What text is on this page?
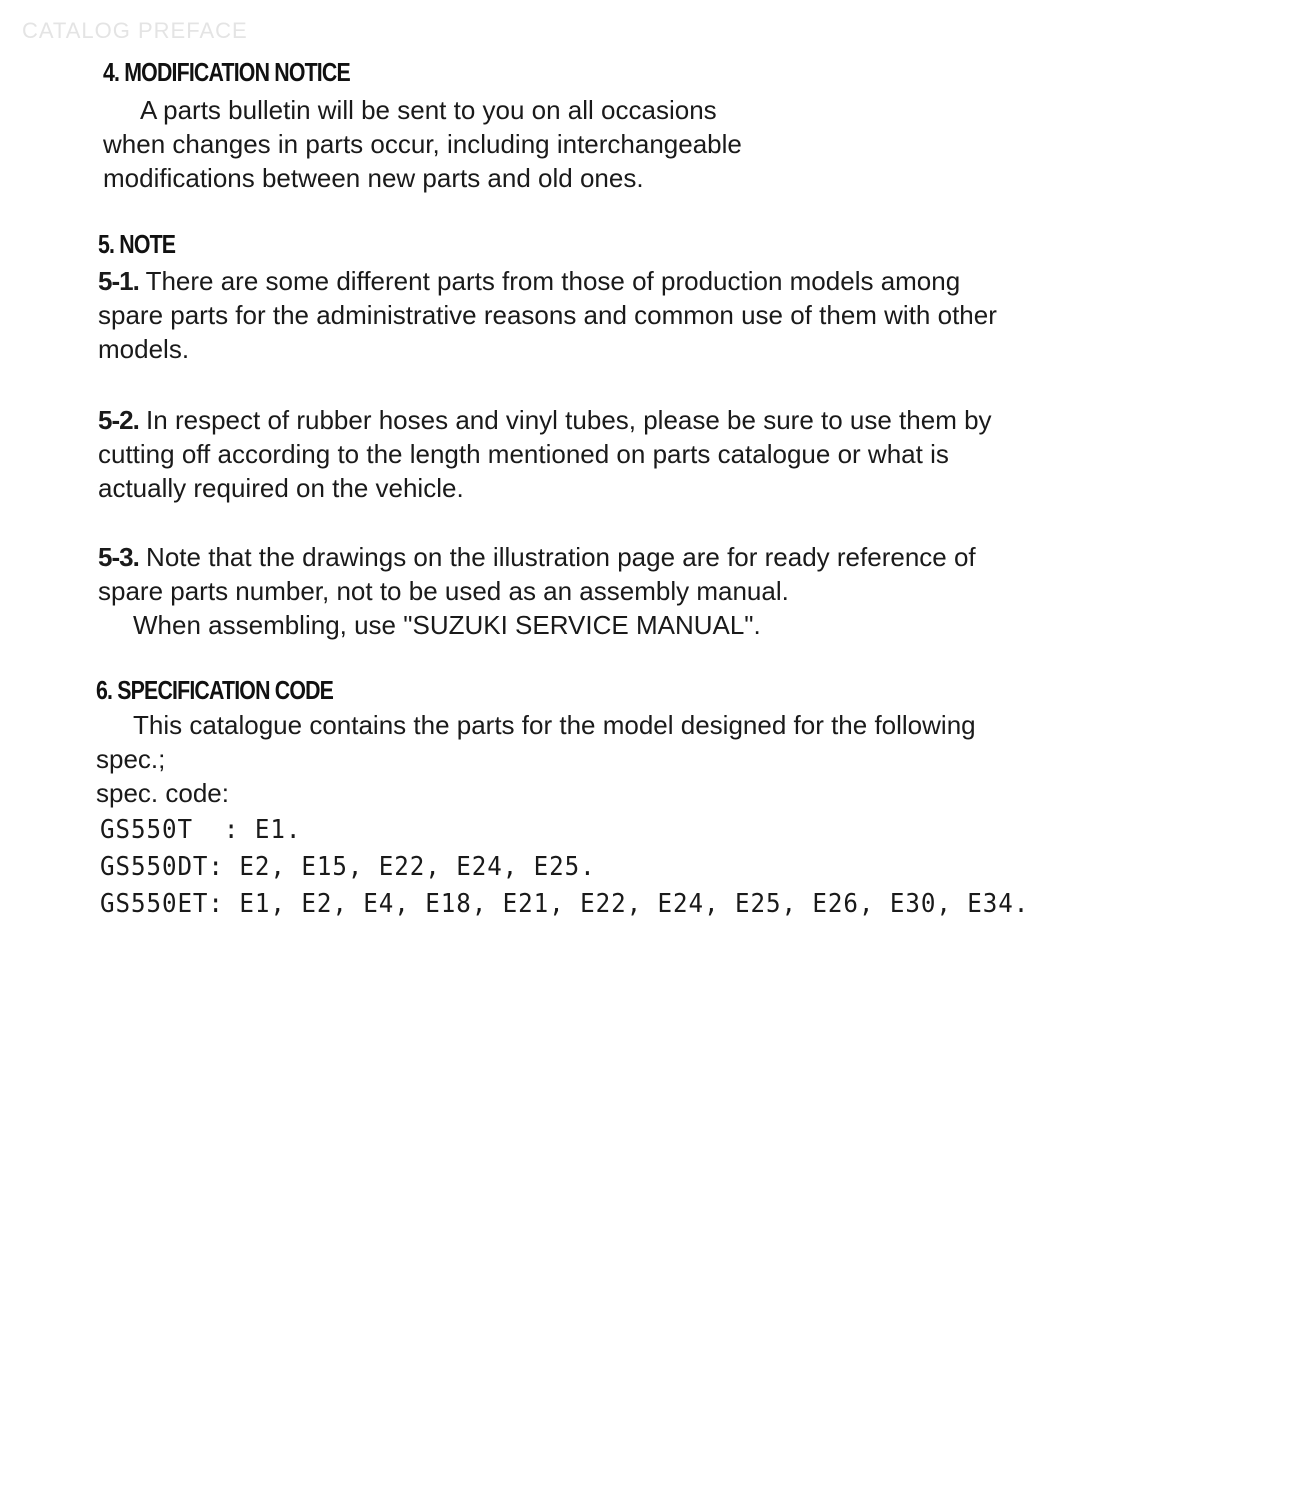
CATALOG PREFACE
4. MODIFICATION NOTICE
A parts bulletin will be sent to you on all occasions
when changes in parts occur, including interchangeable
modifications between new parts and old ones.
5. NOTE
5-1. There are some different parts from those of production models among
spare parts for the administrative reasons and common use of them with other
models.
5-2. In respect of rubber hoses and vinyl tubes, please be sure to use them by
cutting off according to the length mentioned on parts catalogue or what is
actually required on the vehicle.
5-3. Note that the drawings on the illustration page are for ready reference of
spare parts number, not to be used as an assembly manual.
When assembling, use "SUZUKI SERVICE MANUAL".
6. SPECIFICATION CODE
This catalogue contains the parts for the model designed for the following
spec.;
spec. code:
GS550T  : E1.
GS550DT: E2, E15, E22, E24, E25.
GS550ET: E1, E2, E4, E18, E21, E22, E24, E25, E26, E30, E34.
